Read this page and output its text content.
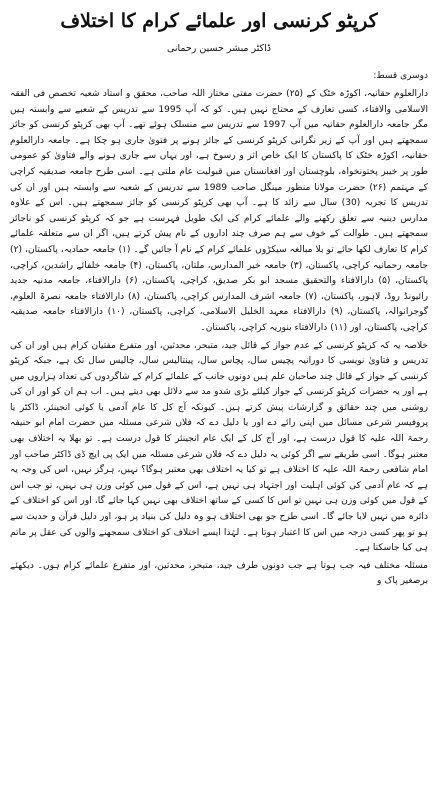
کرپٹو کرنسی اور علمائے کرام کا اختلاف
ڈاکٹر مبشر حسین رحمانی
دوسری قسط:

دارالعلوم حقانیہ، اکوڑہ خٹک کے (۲۵) حضرت مفتی مختار اللہ صاحب، محقق و استاد شعبہ تخصص فی الفقہ الاسلامی والافتاء، کسی تعارف کے محتاج نہیں ہیں۔ کو کہ آپ 1995 سے تدریس کے شعبے سے وابستہ ہیں مگر جامعہ دارالعلوم حقانیہ میں آپ 1997 سے تدریس سے منسلک ہوئے تھے۔ آپ بھی کرپٹو کرنسی کو جائز سمجھتے ہیں اور آپ کے زیر نگرانی کرپٹو کرنسی کے جائز ہونے پر فتویٰ جاری ہو چکا ہے۔ جامعہ دارالعلوم حقانیہ، اکوڑہ خٹک کا پاکستان کا ایک خاص اثر و رسوخ ہے، اور یہاں سے جاری ہونے والے فتاویٰ کو عمومی طور پر خیبر پختونخواہ، بلوچستان اور افغانستان میں قبولیت عام ملتی ہے۔ اسی طرح جامعہ صدیقیہ کراچی کے مہتمم (۲۶) حضرت مولانا منظور مینگل صاحب 1989 سے تدریس کے شعبہ سے وابستہ ہیں اور ان کی تدریس کا تجربہ (30) سال سے زائد کا ہے۔ آپ بھی کرپٹو کرنسی کو جائز سمجھتے ہیں۔ اس کے علاوہ مدارس دینیہ سے تعلق رکھنے والے علمائے کرام کی ایک طویل فہرست ہے جو کہ کرپٹو کرنسی کو ناجائز سمجھتے ہیں۔ طوالت کے خوف سے ہم صرف چند اداروں کے نام پیش کرتے ہیں، اگر ان سے متعلقہ علمائے کرام کا تعارف لکھا جائے تو بلا مبالغہ سیکڑوں علمائے کرام کے نام آ جائیں گے۔ (۱) جامعہ حمادیہ، پاکستان، (۲) جامعہ رحمانیہ کراچی، پاکستان، (۳) جامعہ خیر المدارس، ملتان، پاکستان، (۴) جامعہ خلفائے راشدین، کراچی، پاکستان، (۵) دارالافتاء والتحقیق مسجد ابو بکر صدیق، کراچی، پاکستان، (۶) دارالافتاء، جامعہ مدنیہ جدید رائیونڈ روڈ، لاہور، پاکستان، (۷) جامعہ اشرف المدارس کراچی، پاکستان، (۸) دارالافتاء جامعہ نصرۃ العلوم، گوجرانوالہ، پاکستان، (۹) دارالافتاء معہد الخلیل الاسلامی، کراچی، پاکستان، (۱۰) دارالافتاء جامعہ صدیقیہ کراچی، پاکستان، اور (۱۱) دارالافتاء بنوریہ کراچی، پاکستان۔

خلاصہ یہ کہ کرپٹو کرنسی کے عدم جواز کے قائل جید، متبحر، محدثین، اور متفرع مفتیان کرام ہیں اور ان کی تدریس و فتاویٰ نویسی کا دورانیہ پچیس سال، پچاس سال، پینتالیس سال، چالیس سال تک ہے، جبکہ کرپٹو کرنسی کے جواز کے قائل چند صاحبان علم ہیں دونوں جانب کے علمائے کرام کے شاگردوں کی تعداد ہزاروں میں ہے اور یہ حضرات کرپٹو کرنسی کے جواز کیلئے بڑی شدو مد سے دلائل بھی دیتے ہیں۔ اب ہم ان کو اور ان کی روشنی میں چند حقائق و گزارشات پیش کرتے ہیں۔ کیونکہ آج کل کا عام آدمی یا کوئی انجینئر، ڈاکٹر یا پروفیسر شرعی مسائل میں اپنی رائے دے اور یا دلیل دے کہ فلاں شرعی مسئلہ میں حضرت امام ابو حنیفہ رحمۃ اللہ علیہ کا قول درست ہے، اور آج کل کے ایک عام انجینئر کا قول درست ہے۔ تو بھلا یہ اختلاف بھی معتبر ہوگا۔ اسی طریقے سے اگر کوئی یہ دلیل دے کہ فلاں شرعی مسئلہ میں ایک پی ایچ ڈی ڈاکٹر صاحب اور امام شافعی رحمۃ اللہ علیہ کا اختلاف ہے تو کیا یہ اختلاف بھی معتبر ہوگا؟ نہیں، ہرگز نہیں، اس کی وجہ یہ ہے کہ عام آدمی کی کوئی اہلیت اور اجتہاد ہی نہیں ہے، اس کے قول میں کوئی وزن ہی نہیں، تو جب اس کے قول میں کوئی وزن ہی نہیں تو اس کا کسی کے ساتھ اختلاف بھی نہیں کہا جائے گا، اور اس کو اختلاف کے دائرہ میں نہیں لایا جائے گا۔ اسی طرح جو بھی اختلاف ہو وہ دلیل کی بنیاد پر ہو، اور دلیل قرآن و حدیث سے ہو تو پھر کسی درجہ میں اس کا اعتبار ہوتا ہے۔ لہٰذا ایسے اختلاف کو اختلاف سمجھنے والوں کی عقل پر ماتم ہی کیا جاسکتا ہے۔

مسئلہ مختلف فیہ جب ہوتا ہے جب دونوں طرف جید، متبحر، محدثین، اور متفرع علمائے کرام ہوں۔ دیکھئے برصغیر پاک و
